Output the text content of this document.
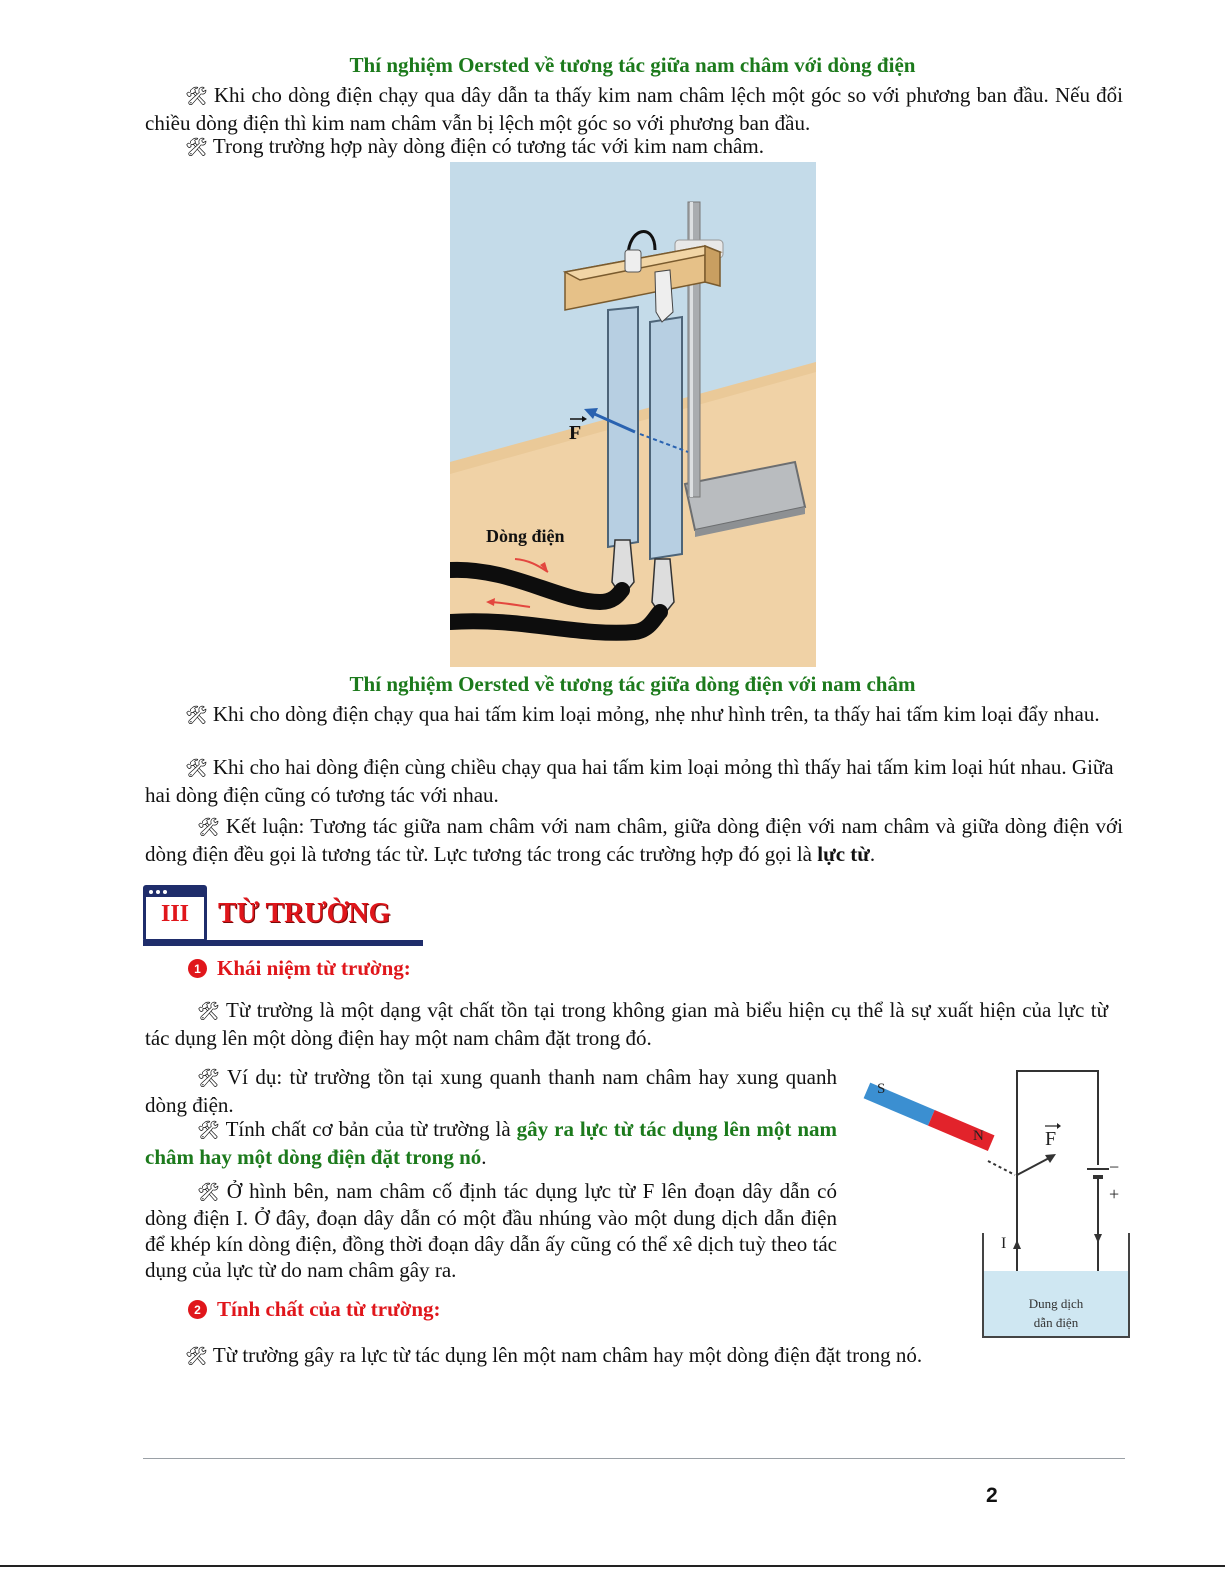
Thí nghiệm Oersted về tương tác giữa nam châm với dòng điện

🛠 Khi cho dòng điện chạy qua dây dẫn ta thấy kim nam châm lệch một góc so với phương ban đầu. Nếu đổi chiều dòng điện thì kim nam châm vẫn bị lệch một góc so với phương ban đầu.

🛠 Trong trường hợp này dòng điện có tương tác với kim nam châm.

F
Dòng điện
Thí nghiệm Oersted về tương tác giữa dòng điện với nam châm

🛠 Khi cho dòng điện chạy qua hai tấm kim loại mỏng, nhẹ như hình trên, ta thấy hai tấm kim loại đẩy nhau.

🛠 Khi cho hai dòng điện cùng chiều chạy qua hai tấm kim loại mỏng thì thấy hai tấm kim loại hút nhau. Giữa hai dòng điện cũng có tương tác với nhau.

🛠 Kết luận: Tương tác giữa nam châm với nam châm, giữa dòng điện với nam châm và giữa dòng điện với dòng điện đều gọi là tương tác từ. Lực tương tác trong các trường hợp đó gọi là lực từ.

III	TỪ TRƯỜNG
1 Khái niệm từ trường:

🛠 Từ trường là một dạng vật chất tồn tại trong không gian mà biểu hiện cụ thể là sự xuất hiện của lực từ tác dụng lên một dòng điện hay một nam châm đặt trong đó.

🛠 Ví dụ: từ trường tồn tại xung quanh thanh nam châm hay xung quanh dòng điện.

🛠 Tính chất cơ bản của từ trường là gây ra lực từ tác dụng lên một nam châm hay một dòng điện đặt trong nó.

🛠 Ở hình bên, nam châm cố định tác dụng lực từ F lên đoạn dây dẫn có dòng điện I. Ở đây, đoạn dây dẫn có một đầu nhúng vào một dung dịch dẫn điện để khép kín dòng điện, đồng thời đoạn dây dẫn ấy cũng có thể xê dịch tuỳ theo tác dụng của lực từ do nam châm gây ra.

S
N	F
−
+
I
Dung dịch
dẫn điện
2 Tính chất của từ trường:

🛠 Từ trường gây ra lực từ tác dụng lên một nam châm hay một dòng điện đặt trong nó.

2
